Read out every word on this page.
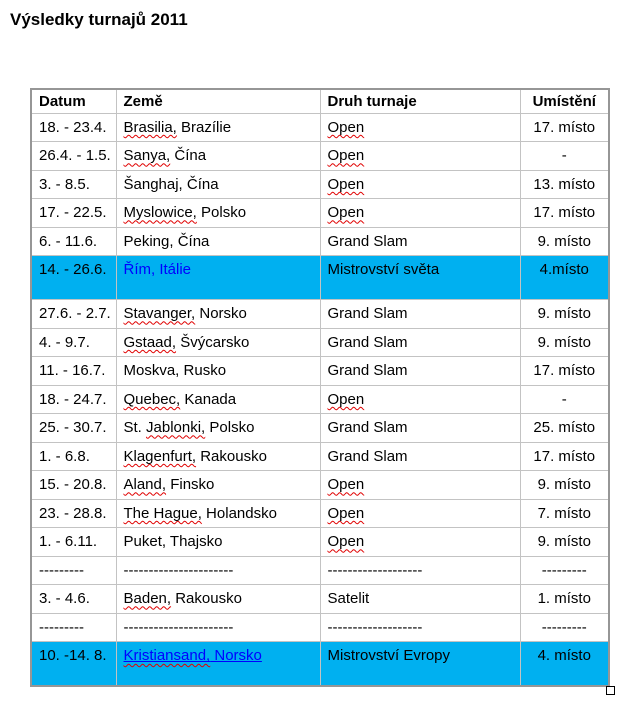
Výsledky turnajů 2011
Datum	Země	Druh turnaje	Umístění
18. - 23.4.	Brasilia, Brazílie	Open	17. místo
26.4. - 1.5.	Sanya, Čína	Open	-
3. - 8.5.	Šanghaj, Čína	Open	13. místo
17. - 22.5.	Myslowice, Polsko	Open	17. místo
6. - 11.6.	Peking, Čína	Grand Slam	9. místo
14. - 26.6.	Řím, Itálie	Mistrovství světa	4.místo
27.6. - 2.7.	Stavanger, Norsko	Grand Slam	9. místo
4. - 9.7.	Gstaad, Švýcarsko	Grand Slam	9. místo
11. - 16.7.	Moskva, Rusko	Grand Slam	17. místo
18. - 24.7.	Quebec, Kanada	Open	-
25. - 30.7.	St. Jablonki, Polsko	Grand Slam	25. místo
1. - 6.8.	Klagenfurt, Rakousko	Grand Slam	17. místo
15. - 20.8.	Aland, Finsko	Open	9. místo
23. - 28.8.	The Hague, Holandsko	Open	7. místo
1. - 6.11.	Puket, Thajsko	Open	9. místo
---------	----------------------	-------------------	---------
3. - 4.6.	Baden, Rakousko	Satelit	1. místo
---------	----------------------	-------------------	---------
10. -14. 8.	Kristiansand, Norsko	Mistrovství Evropy	4. místo
